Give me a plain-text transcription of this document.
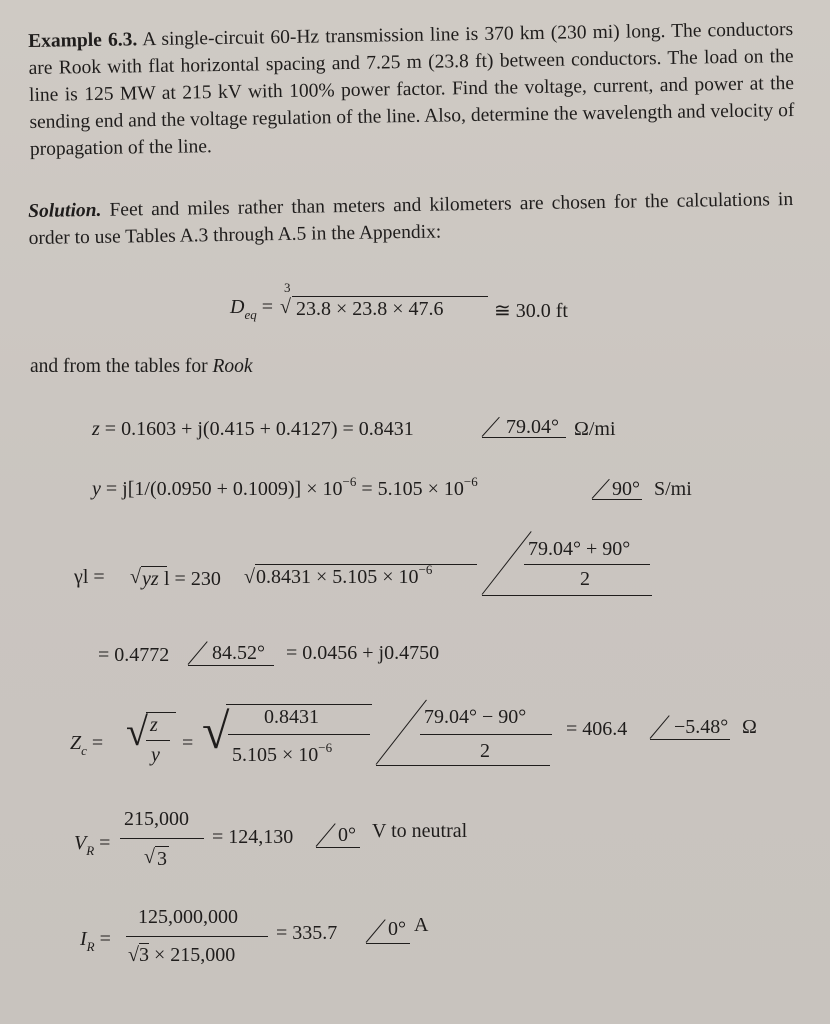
Example 6.3. A single-circuit 60-Hz transmission line is 370 km (230 mi) long. The conductors are Rook with flat horizontal spacing and 7.25 m (23.8 ft) between conductors. The load on the line is 125 MW at 215 kV with 100% power factor. Find the voltage, current, and power at the sending end and the voltage regulation of the line. Also, determine the wavelength and velocity of propagation of the line.
Solution. Feet and miles rather than meters and kilometers are chosen for the calculations in order to use Tables A.3 through A.5 in the Appendix:
$D_{eq}$ =
3
√ 23.8 × 23.8 × 47.6	≅ 30.0 ft
and from the tables for Rook
z = 0.1603 + j(0.415 + 0.4127) = 0.8431	79.04° Ω/mi
$y = j[1/(0.0950 + 0.1009)] \times 10^{-6} = 5.105 \times 10^{-6}$	90° S/mi
γl = √ yz l = 230 √ $0.8431 \times 5.105 \times 10^{-6}$
79.04° + 90°
2
= 0.4772 84.52° = 0.0456 + j0.4750
$Z_c$ = √ z
y
= √ 0.8431
$5.105 \times 10^{-6}$
79.04° − 90°
2
= 406.4 −5.48° Ω
$V_R$ =
215,000
√ 3
= 124,130 0° V to neutral
$I_R$ =
125,000,000
√3 × 215,000
= 335.7	0° A
